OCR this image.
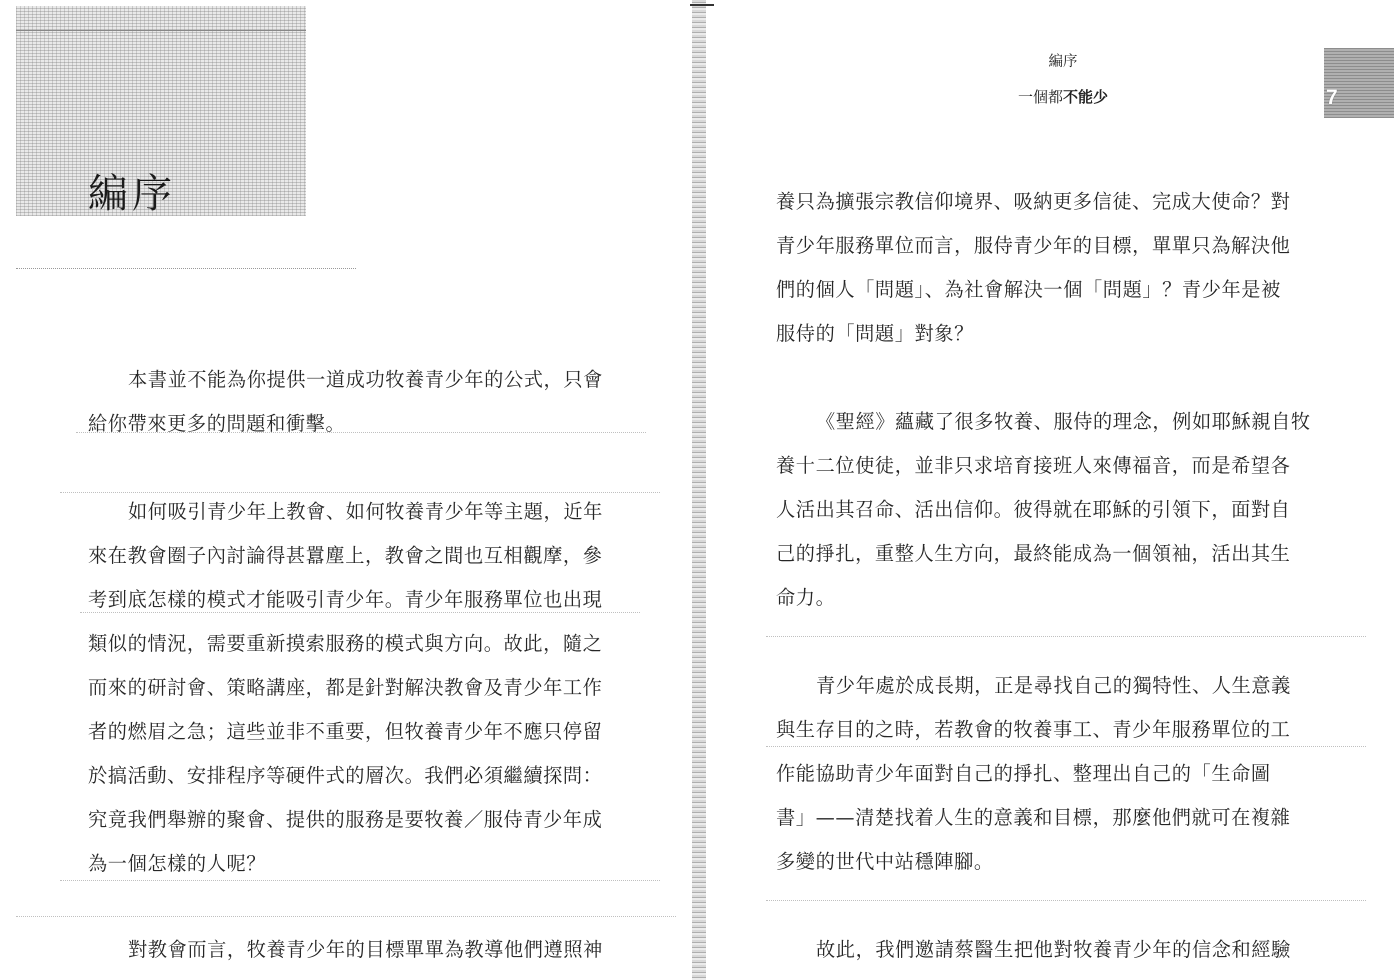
編序
本書並不能為你提供一道成功牧養青少年的公式，只會
給你帶來更多的問題和衝擊。
如何吸引青少年上教會、如何牧養青少年等主題，近年
來在教會圈子內討論得甚囂塵上，教會之間也互相觀摩，參
考到底怎樣的模式才能吸引青少年。青少年服務單位也出現
類似的情況，需要重新摸索服務的模式與方向。故此，隨之
而來的研討會、策略講座，都是針對解決教會及青少年工作
者的燃眉之急；這些並非不重要，但牧養青少年不應只停留
於搞活動、安排程序等硬件式的層次。我們必須繼續探問：
究竟我們舉辦的聚會、提供的服務是要牧養／服侍青少年成
為一個怎樣的人呢？
對教會而言，牧養青少年的目標單單為教導他們遵照神
編序
一個都不能少	7
養只為擴張宗教信仰境界、吸納更多信徒、完成大使命？對
青少年服務單位而言，服侍青少年的目標，單單只為解決他
們的個人「問題」、為社會解決一個「問題」？青少年是被
服侍的「問題」對象？
《聖經》蘊藏了很多牧養、服侍的理念，例如耶穌親自牧
養十二位使徒，並非只求培育接班人來傳福音，而是希望各
人活出其召命、活出信仰。彼得就在耶穌的引領下，面對自
己的掙扎，重整人生方向，最終能成為一個領袖，活出其生
命力。
青少年處於成長期，正是尋找自己的獨特性、人生意義
與生存目的之時，若教會的牧養事工、青少年服務單位的工
作能協助青少年面對自己的掙扎、整理出自己的「生命圖
書」——清楚找着人生的意義和目標，那麼他們就可在複雜
多變的世代中站穩陣腳。
故此，我們邀請蔡醫生把他對牧養青少年的信念和經驗
